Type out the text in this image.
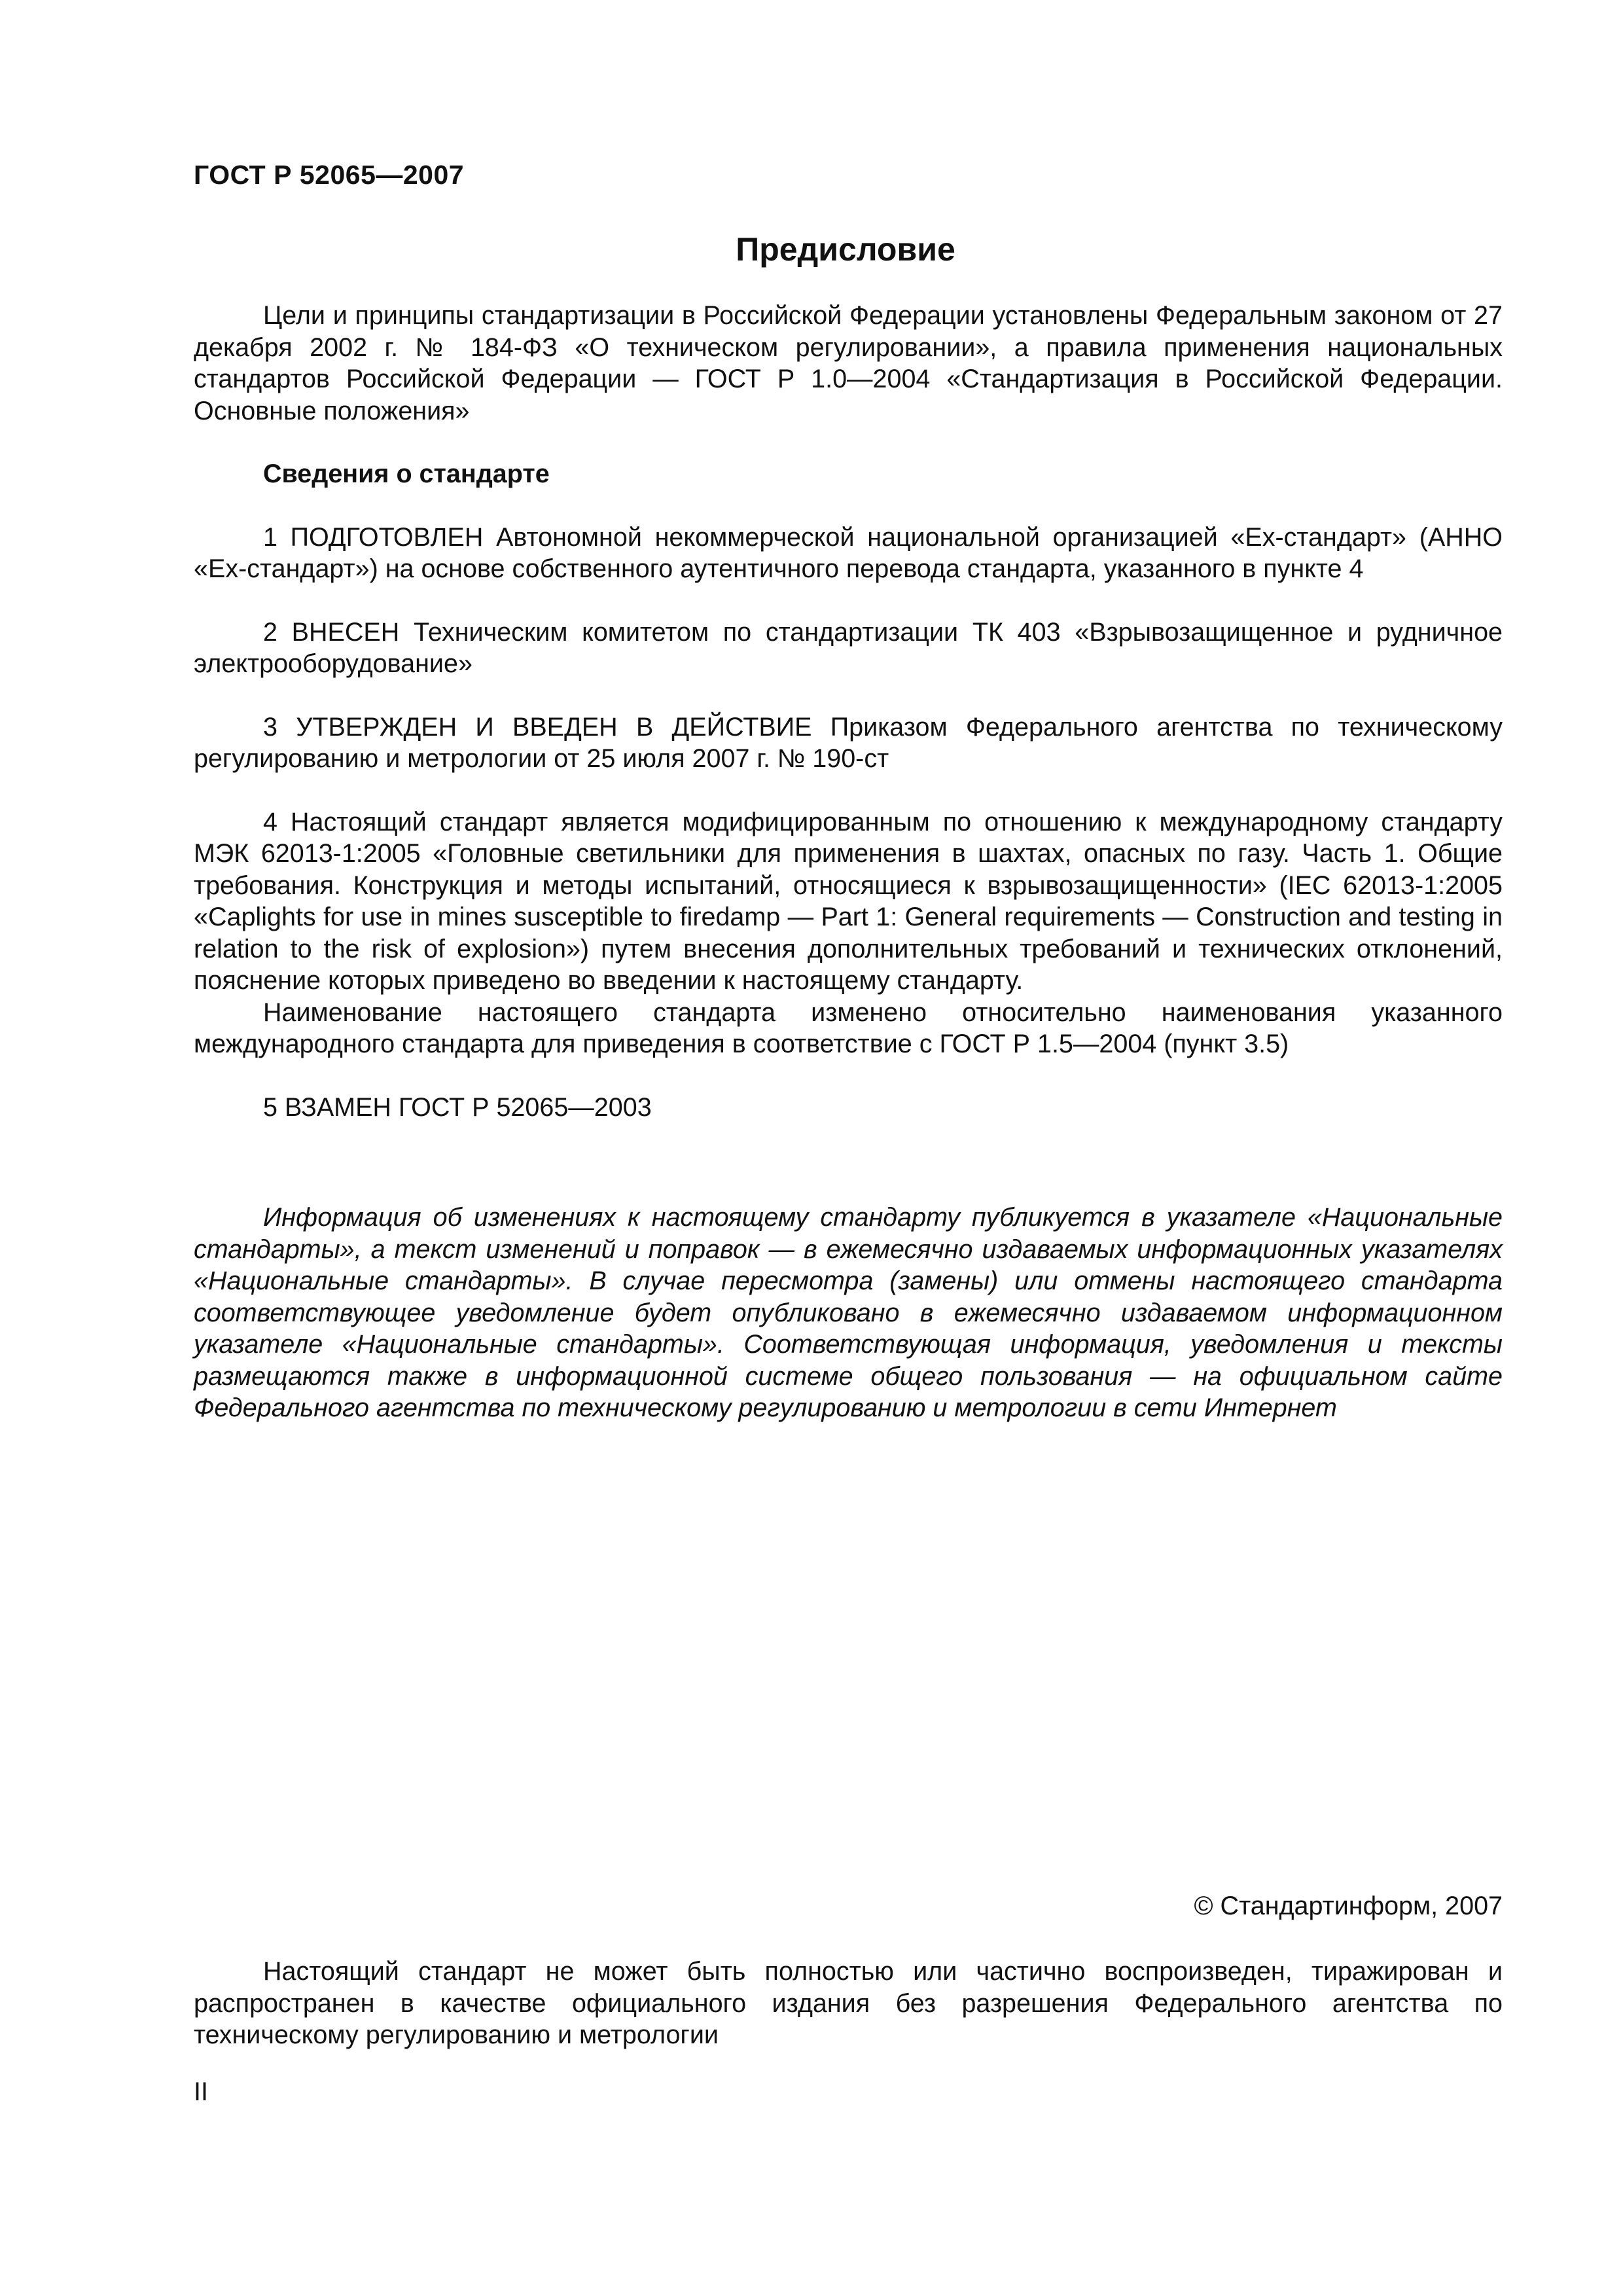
ГОСТ Р 52065—2007
Предисловие

Цели и принципы стандартизации в Российской Федерации установлены Федеральным законом от 27 декабря 2002 г. № 184-ФЗ «О техническом регулировании», а правила применения национальных стандартов Российской Федерации — ГОСТ Р 1.0—2004 «Стандартизация в Российской Федерации. Основные положения»

Сведения о стандарте

1 ПОДГОТОВЛЕН Автономной некоммерческой национальной организацией «Ех-стандарт» (АННО «Ех-стандарт») на основе собственного аутентичного перевода стандарта, указанного в пункте 4

2 ВНЕСЕН Техническим комитетом по стандартизации ТК 403 «Взрывозащищенное и рудничное электрооборудование»

3 УТВЕРЖДЕН И ВВЕДЕН В ДЕЙСТВИЕ Приказом Федерального агентства по техническому регулированию и метрологии от 25 июля 2007 г. № 190-ст

4 Настоящий стандарт является модифицированным по отношению к международному стандарту МЭК 62013-1:2005 «Головные светильники для применения в шахтах, опасных по газу. Часть 1. Общие требования. Конструкция и методы испытаний, относящиеся к взрывозащищенности» (IEC 62013-1:2005 «Caplights for use in mines susceptible to firedamp — Part 1: General requirements — Construction and testing in relation to the risk of explosion») путем внесения дополнительных требований и технических отклонений, пояснение которых приведено во введении к настоящему стандарту.

Наименование настоящего стандарта изменено относительно наименования указанного международного стандарта для приведения в соответствие с ГОСТ Р 1.5—2004 (пункт 3.5)

5 ВЗАМЕН ГОСТ Р 52065—2003

Информация об изменениях к настоящему стандарту публикуется в указателе «Национальные стандарты», а текст изменений и поправок — в ежемесячно издаваемых информационных указателях «Национальные стандарты». В случае пересмотра (замены) или отмены настоящего стандарта соответствующее уведомление будет опубликовано в ежемесячно издаваемом информационном указателе «Национальные стандарты». Соответствующая информация, уведомления и тексты размещаются также в информационной системе общего пользования — на официальном сайте Федерального агентства по техническому регулированию и метрологии в сети Интернет

© Стандартинформ, 2007

Настоящий стандарт не может быть полностью или частично воспроизведен, тиражирован и распространен в качестве официального издания без разрешения Федерального агентства по техническому регулированию и метрологии

II
